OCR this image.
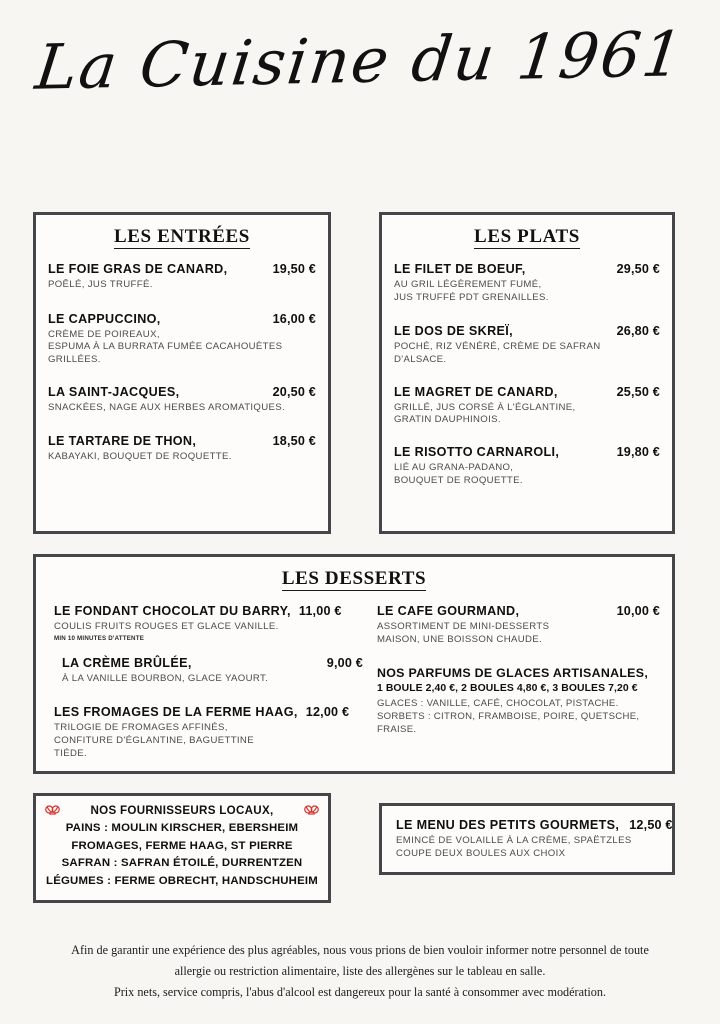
La Cuisine du 1961
LES ENTRÉES
LE FOIE GRAS DE CANARD,	19,50 €
POÊLÉ, JUS TRUFFÉ.
LE CAPPUCCINO,	16,00 €
CRÈME DE POIREAUX,
ESPUMA À LA BURRATA FUMÉE CACAHOUÈTES
GRILLÉES.
LA SAINT-JACQUES,	20,50 €
SNACKÉES, NAGE AUX HERBES AROMATIQUES.
LE TARTARE DE THON,	18,50 €
KABAYAKI, BOUQUET DE ROQUETTE.
LES PLATS
LE FILET DE BOEUF,	29,50 €
AU GRIL LÉGÈREMENT FUMÉ,
JUS TRUFFÉ PDT GRENAILLES.
LE DOS DE SKREÏ,	26,80 €
POCHÉ, RIZ VÉNÉRÉ, CRÈME DE SAFRAN
D'ALSACE.
LE MAGRET DE CANARD,	25,50 €
GRILLÉ, JUS CORSÉ À L'ÉGLANTINE,
GRATIN DAUPHINOIS.
LE RISOTTO CARNAROLI,	19,80 €
LIÉ AU GRANA-PADANO,
BOUQUET DE ROQUETTE.
LES DESSERTS
LE FONDANT CHOCOLAT DU BARRY, 11,00 €
COULIS FRUITS ROUGES ET GLACE VANILLE.
MIN 10 MINUTES D'ATTENTE
LA CRÈME BRÛLÉE,	9,00 €
À LA VANILLE BOURBON, GLACE YAOURT.
LES FROMAGES DE LA FERME HAAG, 12,00 €
TRILOGIE DE FROMAGES AFFINÉS,
CONFITURE D'ÉGLANTINE, BAGUETTINE
TIÉDE.
LE CAFE GOURMAND,	10,00 €
ASSORTIMENT DE MINI-DESSERTS
MAISON, UNE BOISSON CHAUDE.
NOS PARFUMS DE GLACES ARTISANALES,
1 BOULE 2,40 €, 2 BOULES 4,80 €, 3 BOULES 7,20 €
GLACES : VANILLE, CAFÉ, CHOCOLAT, PISTACHE.
SORBETS : CITRON, FRAMBOISE, POIRE, QUETSCHE,
FRAISE.
NOS FOURNISSEURS LOCAUX,
PAINS : MOULIN KIRSCHER, EBERSHEIM
FROMAGES, FERME HAAG, ST PIERRE
SAFRAN : SAFRAN ÉTOILÉ, DURRENTZEN
LÉGUMES : FERME OBRECHT, HANDSCHUHEIM
LE MENU DES PETITS GOURMETS, 12,50 €
EMINCÉ DE VOLAILLE À LA CRÈME, SPAËTZLES
COUPE DEUX BOULES AUX CHOIX
Afin de garantir une expérience des plus agréables, nous vous prions de bien vouloir informer notre personnel de toute
allergie ou restriction alimentaire, liste des allergènes sur le tableau en salle.
Prix nets, service compris, l'abus d'alcool est dangereux pour la santé à consommer avec modération.
